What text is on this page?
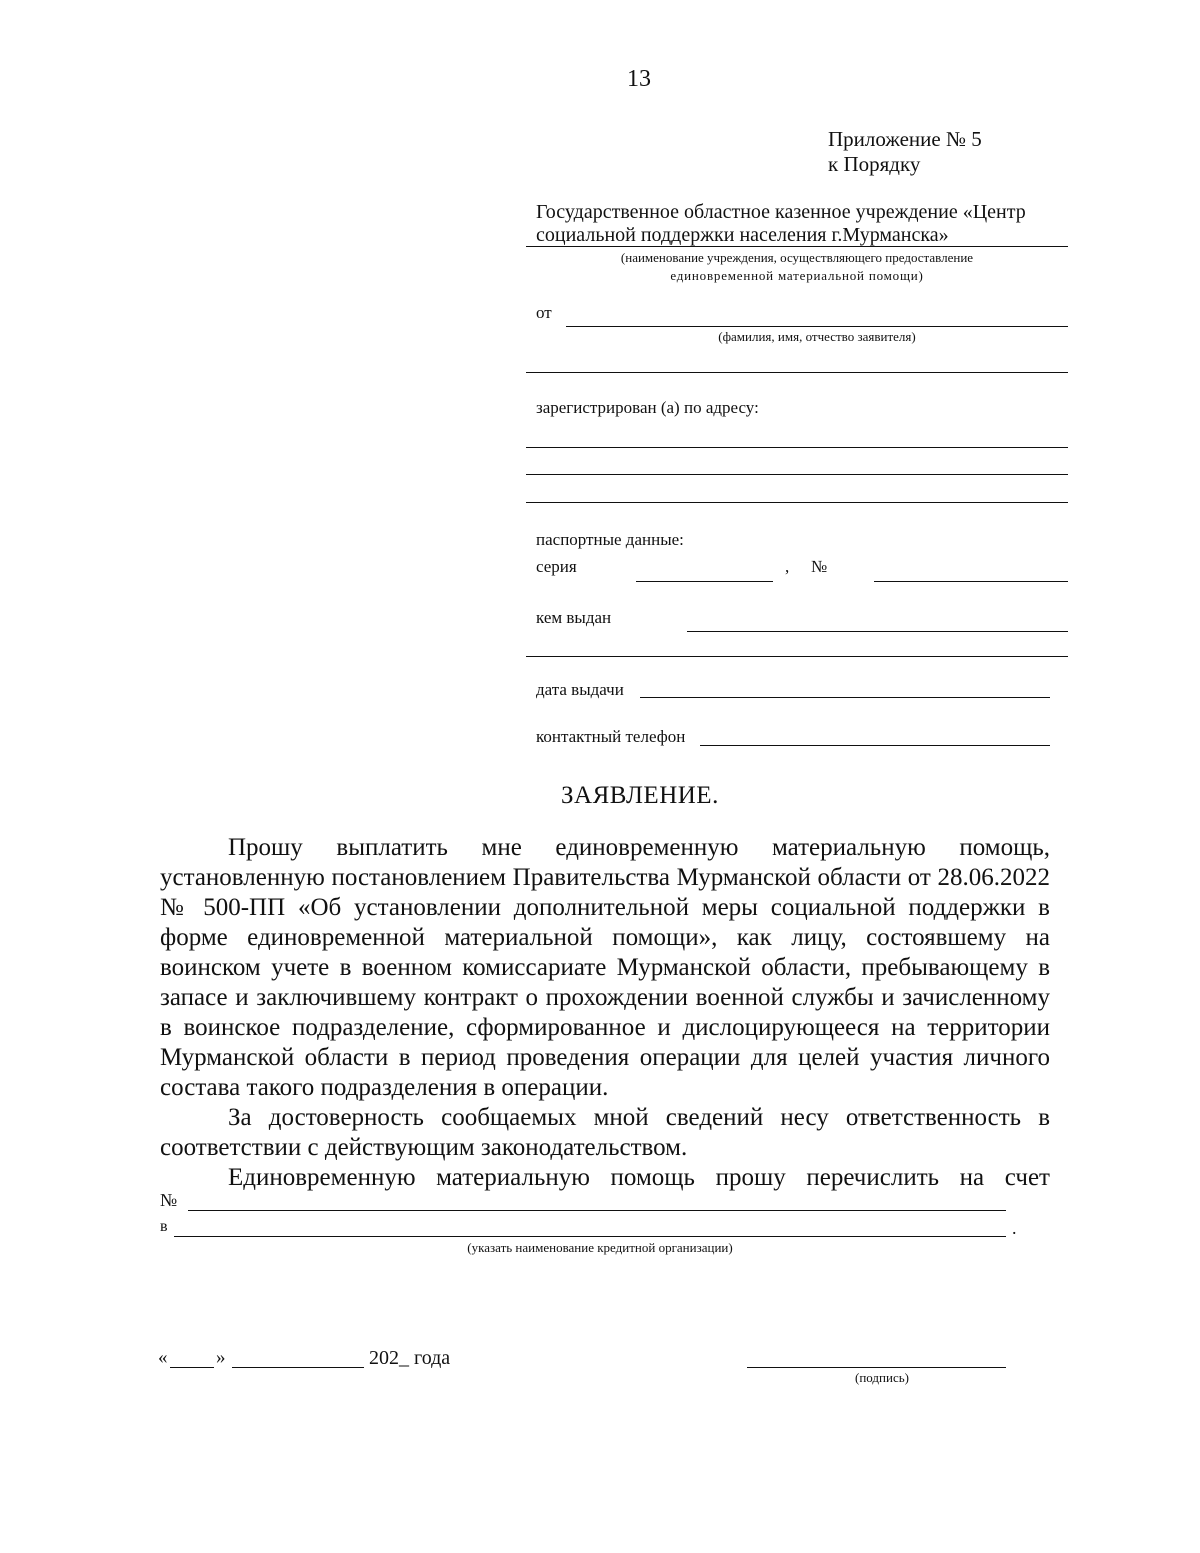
13
Приложение № 5
к Порядку
Государственное областное казенное учреждение «Центр
социальной поддержки населения г.Мурманска»
(наименование учреждения, осуществляющего предоставление
единовременной материальной помощи)
от
(фамилия, имя, отчество заявителя)
зарегистрирован (а) по адресу:
паспортные данные:
серия	, №
кем выдан
дата выдачи
контактный телефон
ЗАЯВЛЕНИЕ.
Прошу выплатить мне единовременную материальную помощь, установленную постановлением Правительства Мурманской области от 28.06.2022 № 500-ПП «Об установлении дополнительной меры социальной поддержки в форме единовременной материальной помощи», как лицу, состоявшему на воинском учете в военном комиссариате Мурманской области, пребывающему в запасе и заключившему контракт о прохождении военной службы и зачисленному в воинское подразделение, сформированное и дислоцирующееся на территории Мурманской области в период проведения операции для целей участия личного состава такого подразделения в операции.
За достоверность сообщаемых мной сведений несу ответственность в соответствии с действующим законодательством.
Единовременную материальную помощь прошу перечислить на счет
№
в	.
(указать наименование кредитной организации)
«	»	202_ года
(подпись)
